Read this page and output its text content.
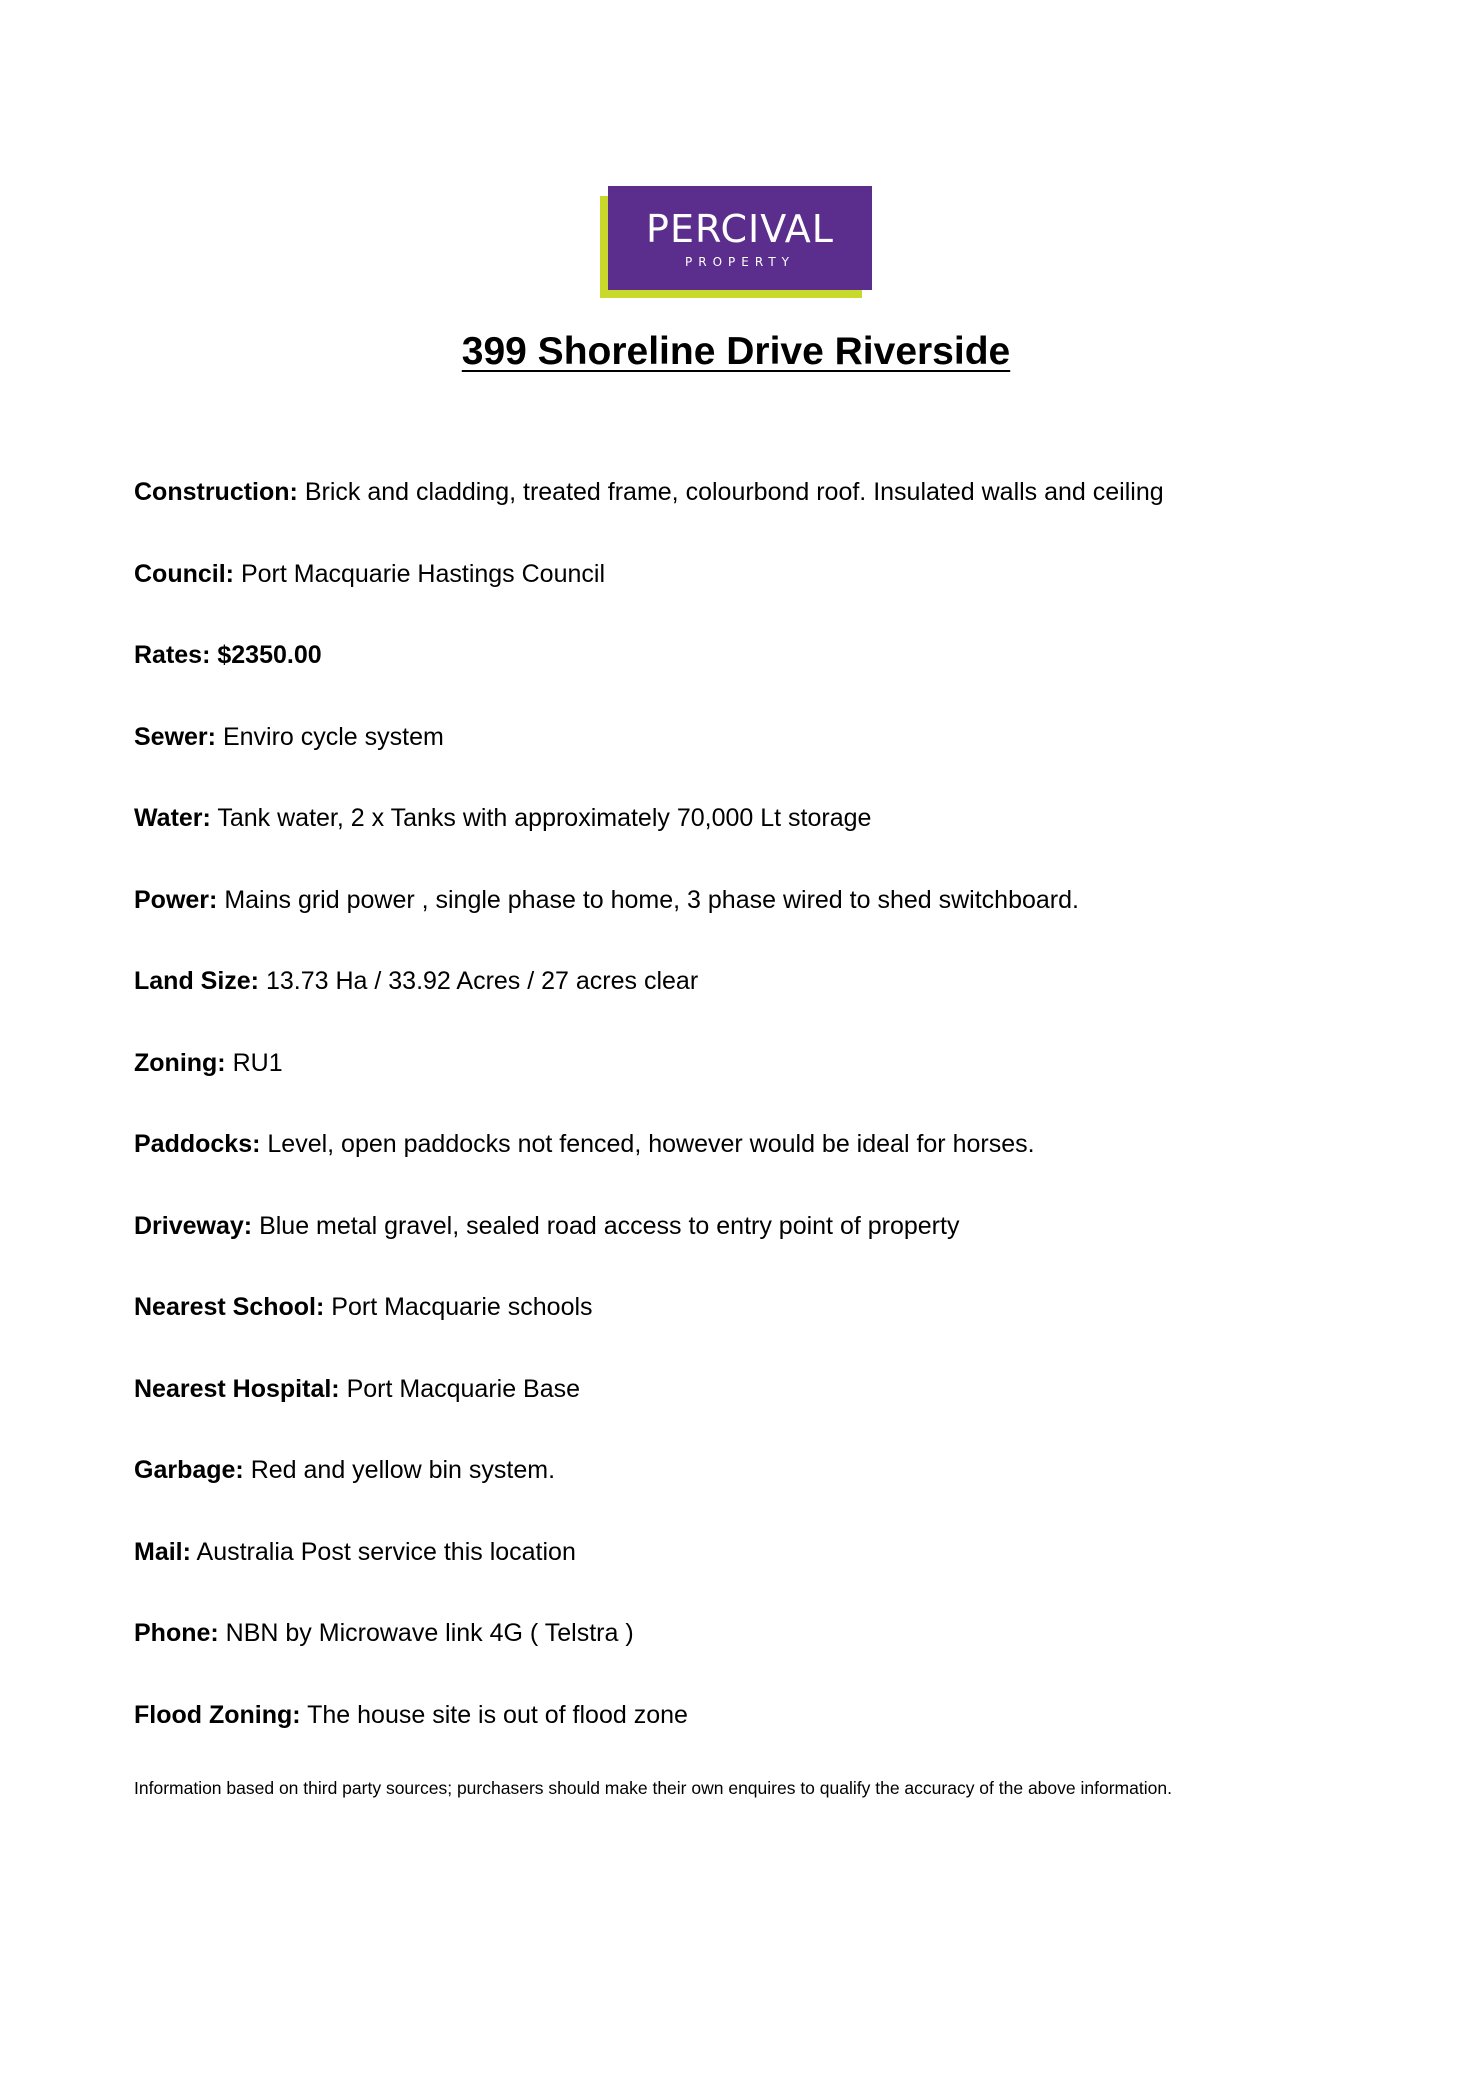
PERCIVAL
PROPERTY
399 Shoreline Drive Riverside
Construction: Brick and cladding, treated frame, colourbond roof. Insulated walls and ceiling
Council: Port Macquarie Hastings Council
Rates: $2350.00
Sewer: Enviro cycle system
Water: Tank water, 2 x Tanks with approximately 70,000 Lt storage
Power: Mains grid power , single phase to home, 3 phase wired to shed switchboard.
Land Size: 13.73 Ha / 33.92 Acres / 27 acres clear
Zoning: RU1
Paddocks: Level, open paddocks not fenced, however would be ideal for horses.
Driveway: Blue metal gravel, sealed road access to entry point of property
Nearest School: Port Macquarie schools
Nearest Hospital: Port Macquarie Base
Garbage: Red and yellow bin system.
Mail: Australia Post service this location
Phone: NBN by Microwave link 4G ( Telstra )
Flood Zoning: The house site is out of flood zone

Information based on third party sources; purchasers should make their own enquires to qualify the accuracy of the above information.
